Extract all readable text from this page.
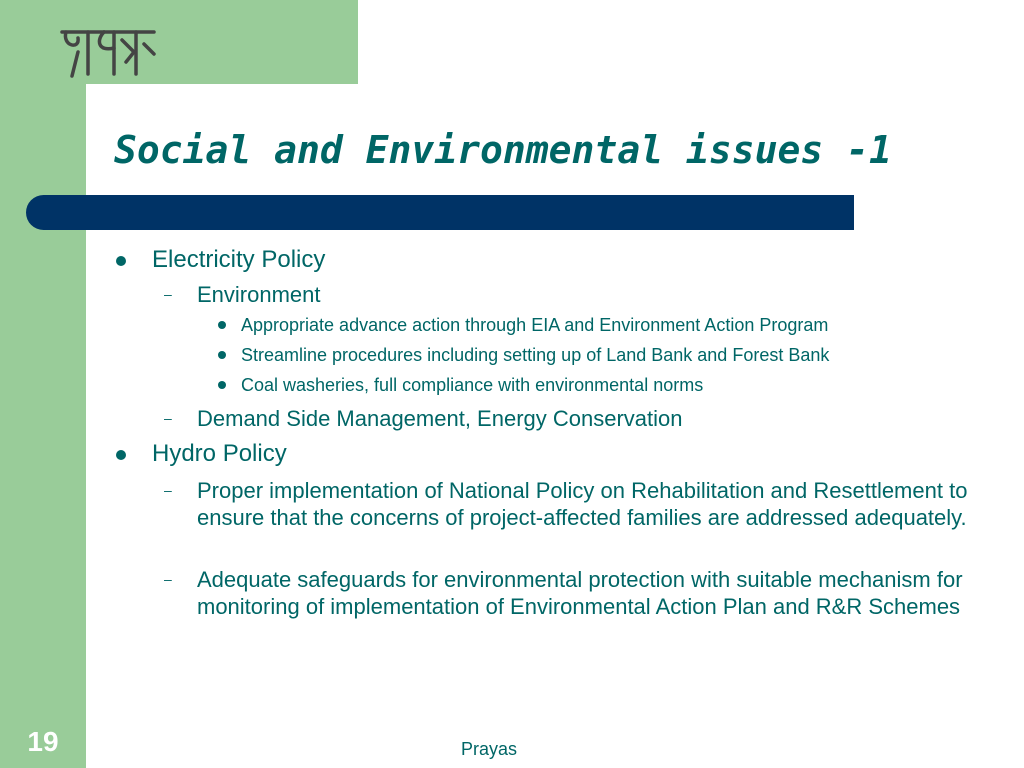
Social and Environmental issues -1
Electricity Policy
– Environment
Appropriate advance action through EIA and Environment Action Program
Streamline procedures including setting up of Land Bank and Forest Bank
Coal washeries, full compliance with environmental norms
– Demand Side Management, Energy Conservation
Hydro Policy
– Proper implementation of National Policy on Rehabilitation and Resettlement to ensure that the concerns of project-affected families are addressed adequately.
– Adequate safeguards for environmental protection with suitable mechanism for monitoring of implementation of Environmental Action Plan and R&R Schemes
19	Prayas
